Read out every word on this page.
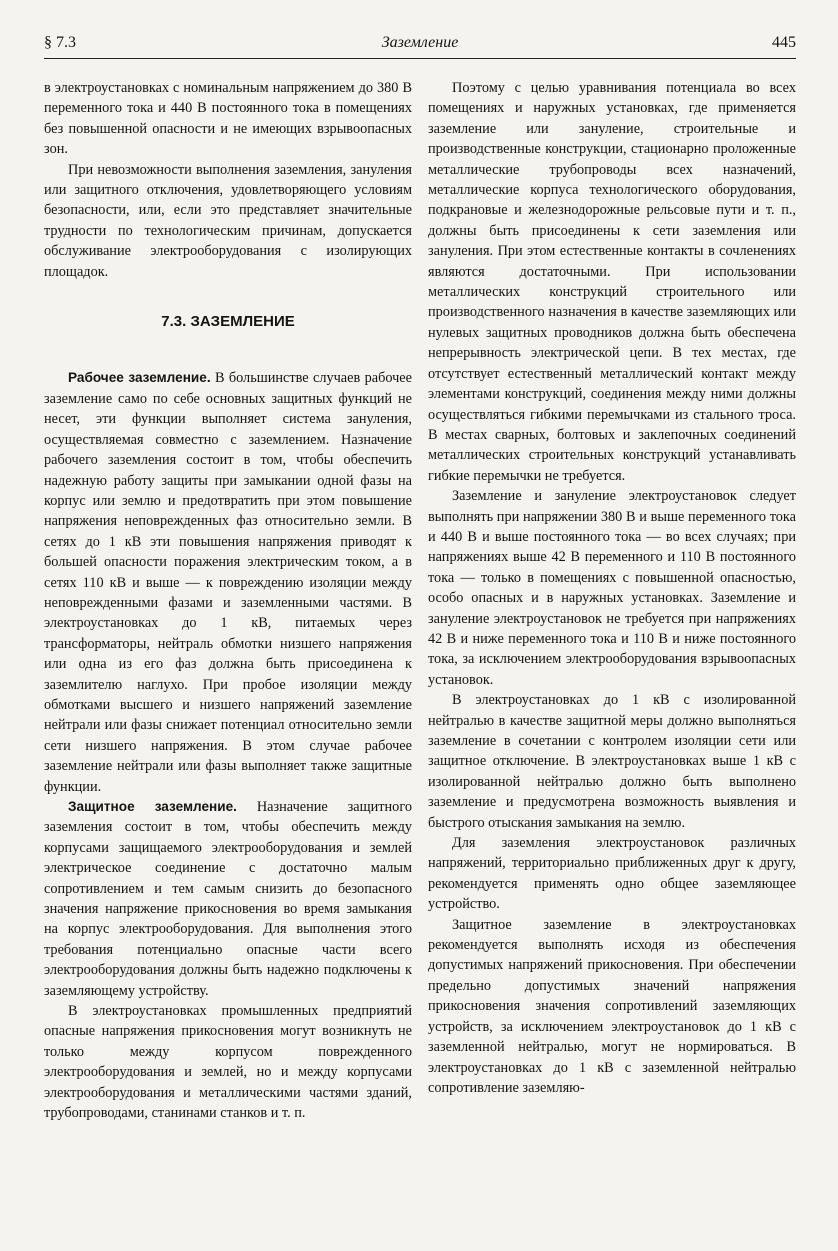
§ 7.3	Заземление	445

в электроустановках с номинальным напряжением до 380 В переменного тока и 440 В постоянного тока в помещениях без повышенной опасности и не имеющих взрывоопасных зон.

При невозможности выполнения заземления, зануления или защитного отключения, удовлетворяющего условиям безопасности, или, если это представляет значительные трудности по технологическим причинам, допускается обслуживание электрооборудования с изолирующих площадок.

7.3. ЗАЗЕМЛЕНИЕ

Рабочее заземление. В большинстве случаев рабочее заземление само по себе основных защитных функций не несет, эти функции выполняет система зануления, осуществляемая совместно с заземлением. Назначение рабочего заземления состоит в том, чтобы обеспечить надежную работу защиты при замыкании одной фазы на корпус или землю и предотвратить при этом повышение напряжения неповрежденных фаз относительно земли. В сетях до 1 кВ эти повышения напряжения приводят к большей опасности поражения электрическим током, а в сетях 110 кВ и выше — к повреждению изоляции между неповрежденными фазами и заземленными частями. В электроустановках до 1 кВ, питаемых через трансформаторы, нейтраль обмотки низшего напряжения или одна из его фаз должна быть присоединена к заземлителю наглухо. При пробое изоляции между обмотками высшего и низшего напряжений заземление нейтрали или фазы снижает потенциал относительно земли сети низшего напряжения. В этом случае рабочее заземление нейтрали или фазы выполняет также защитные функции.

Защитное заземление. Назначение защитного заземления состоит в том, чтобы обеспечить между корпусами защищаемого электрооборудования и землей электрическое соединение с достаточно малым сопротивлением и тем самым снизить до безопасного значения напряжение прикосновения во время замыкания на корпус электрооборудования. Для выполнения этого требования потенциально опасные части всего электрооборудования должны быть надежно подключены к заземляющему устройству.

В электроустановках промышленных предприятий опасные напряжения прикосновения могут возникнуть не только между корпусом поврежденного электрооборудования и землей, но и между корпусами электрооборудования и металлическими частями зданий, трубопроводами, станинами станков и т. п.

Поэтому с целью уравнивания потенциала во всех помещениях и наружных установках, где применяется заземление или зануление, строительные и производственные конструкции, стационарно проложенные металлические трубопроводы всех назначений, металлические корпуса технологического оборудования, подкрановые и железнодорожные рельсовые пути и т. п., должны быть присоединены к сети заземления или зануления. При этом естественные контакты в сочленениях являются достаточными. При использовании металлических конструкций строительного или производственного назначения в качестве заземляющих или нулевых защитных проводников должна быть обеспечена непрерывность электрической цепи. В тех местах, где отсутствует естественный металлический контакт между элементами конструкций, соединения между ними должны осуществляться гибкими перемычками из стального троса. В местах сварных, болтовых и заклепочных соединений металлических строительных конструкций устанавливать гибкие перемычки не требуется.

Заземление и зануление электроустановок следует выполнять при напряжении 380 В и выше переменного тока и 440 В и выше постоянного тока — во всех случаях; при напряжениях выше 42 В переменного и 110 В постоянного тока — только в помещениях с повышенной опасностью, особо опасных и в наружных установках. Заземление и зануление электроустановок не требуется при напряжениях 42 В и ниже переменного тока и 110 В и ниже постоянного тока, за исключением электрооборудования взрывоопасных установок.

В электроустановках до 1 кВ с изолированной нейтралью в качестве защитной меры должно выполняться заземление в сочетании с контролем изоляции сети или защитное отключение. В электроустановках выше 1 кВ с изолированной нейтралью должно быть выполнено заземление и предусмотрена возможность выявления и быстрого отыскания замыкания на землю.

Для заземления электроустановок различных напряжений, территориально приближенных друг к другу, рекомендуется применять одно общее заземляющее устройство.

Защитное заземление в электроустановках рекомендуется выполнять исходя из обеспечения допустимых напряжений прикосновения. При обеспечении предельно допустимых значений напряжения прикосновения значения сопротивлений заземляющих устройств, за исключением электроустановок до 1 кВ с заземленной нейтралью, могут не нормироваться. В электроустановках до 1 кВ с заземленной нейтралью сопротивление заземляю-
